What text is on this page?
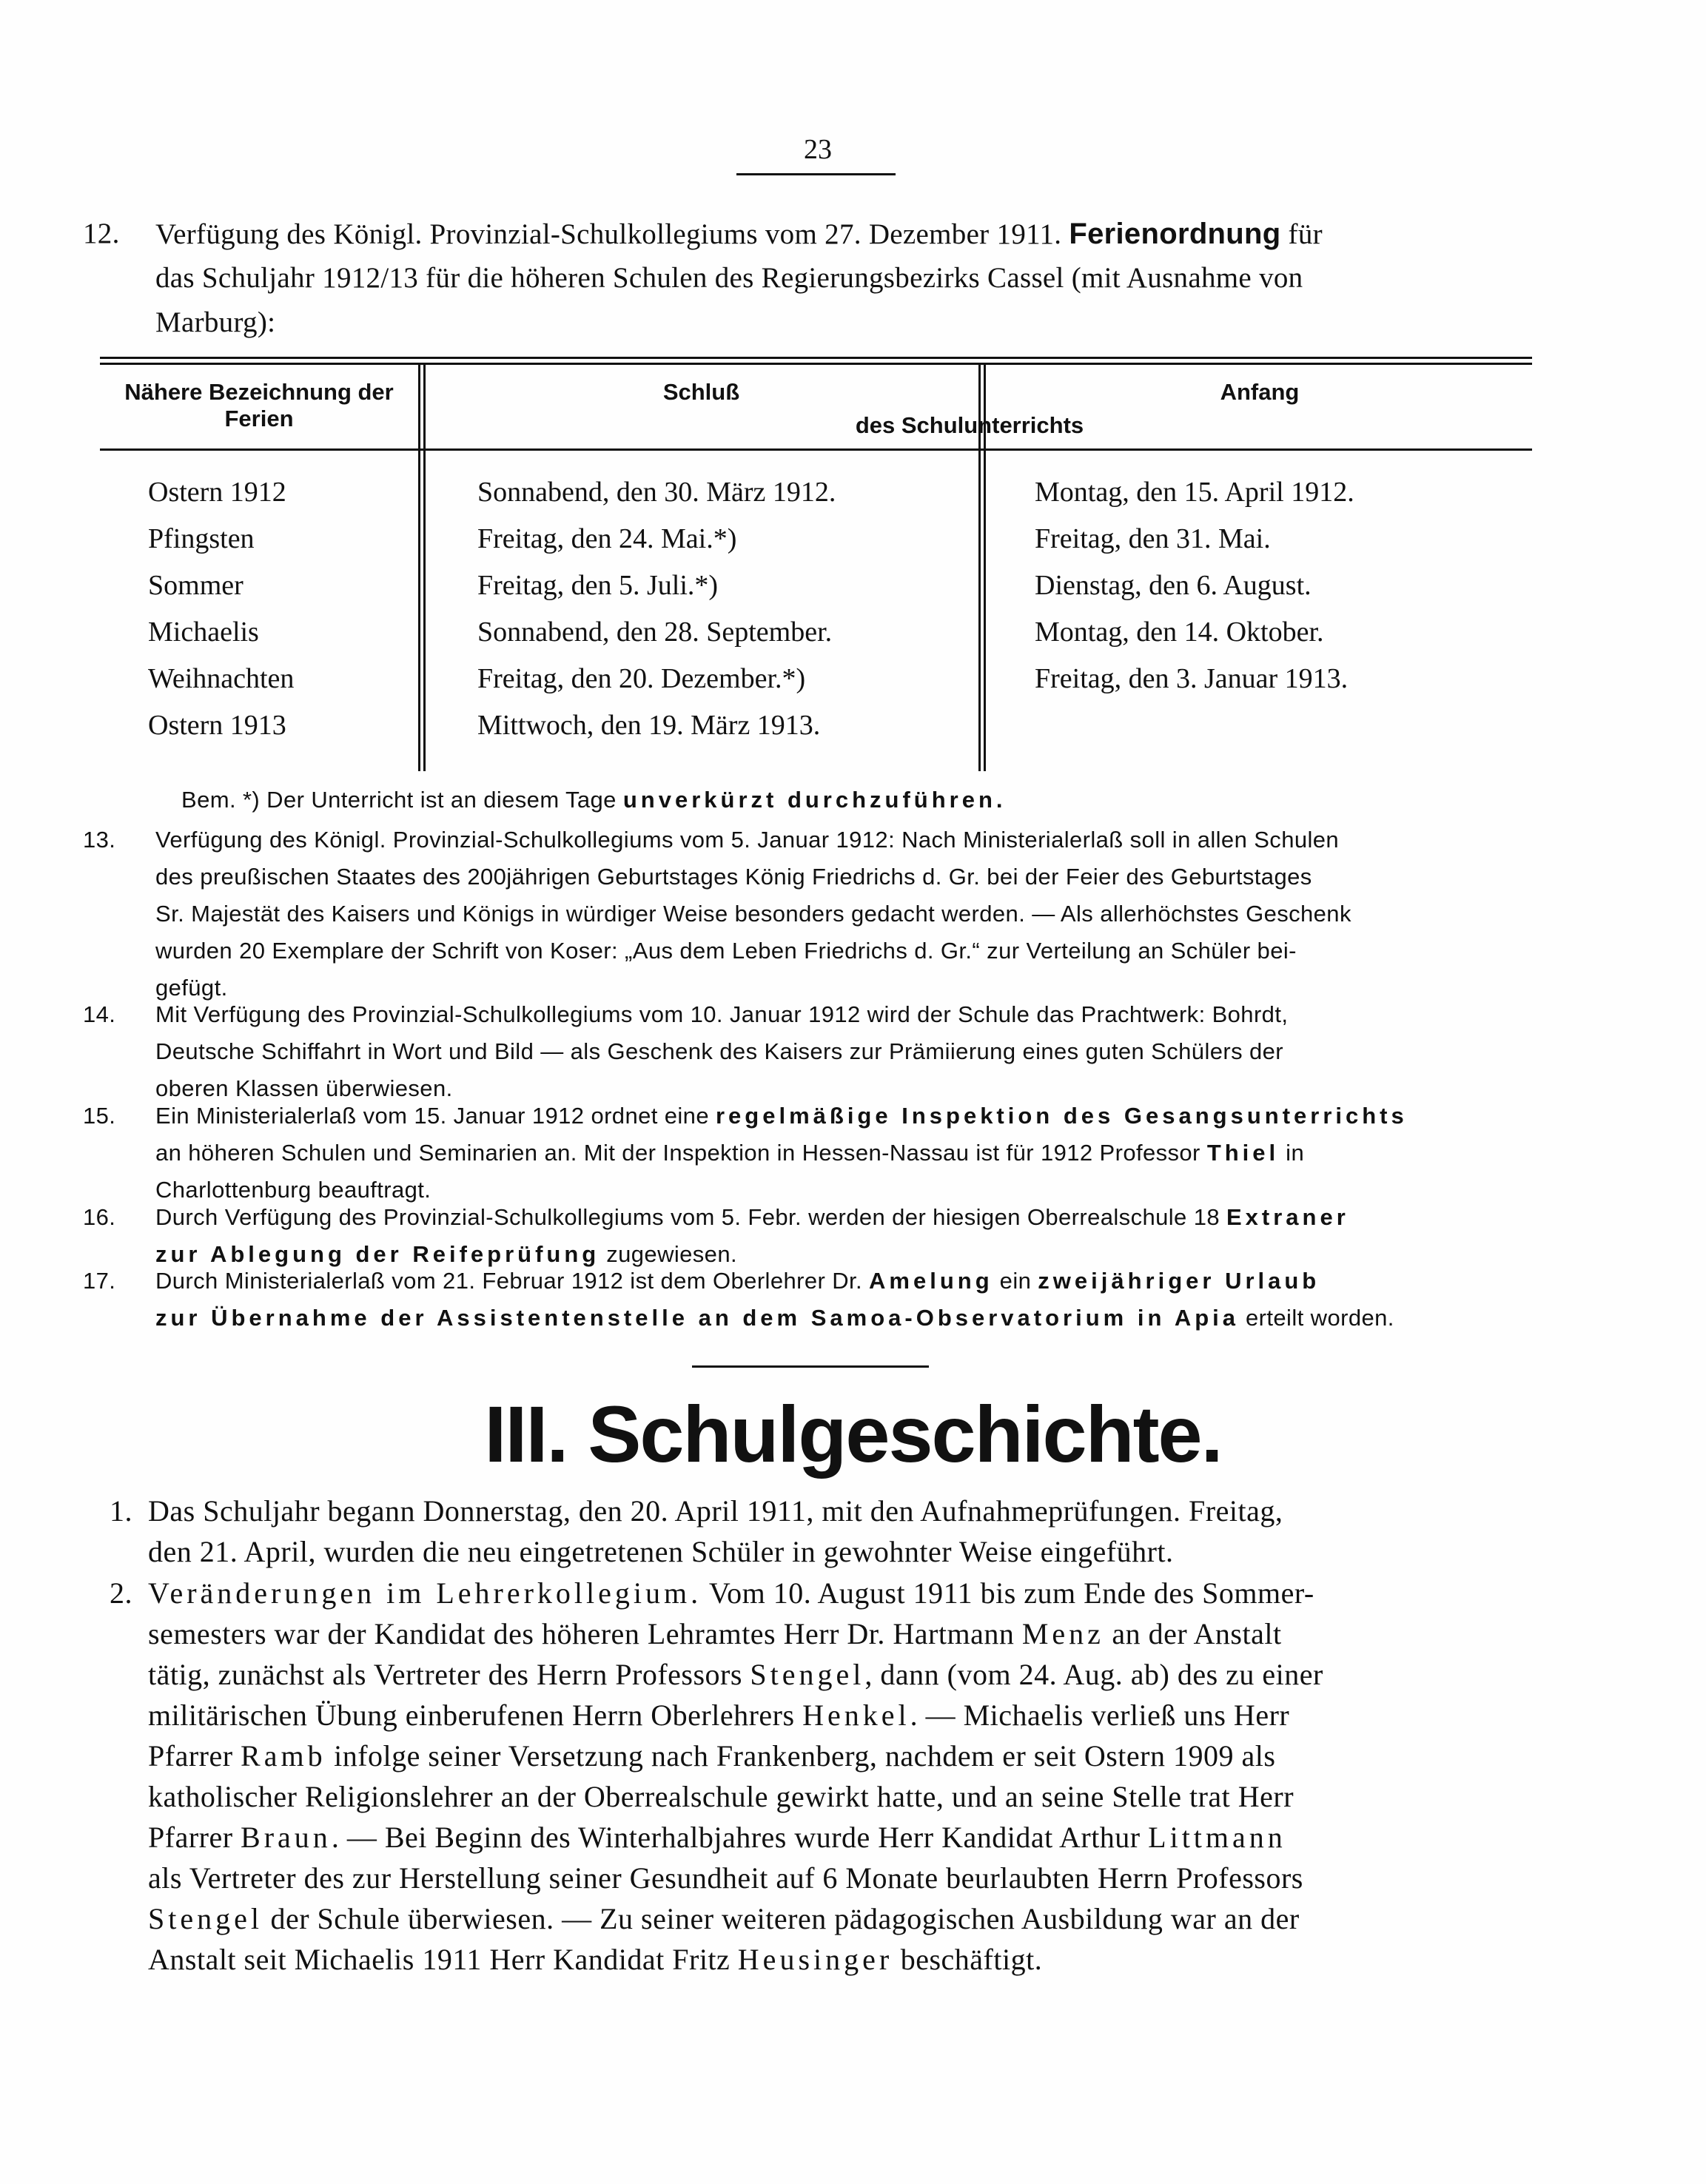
23
12. Verfügung des Königl. Provinzial-Schulkollegiums vom 27. Dezember 1911. Ferienordnung für
das Schuljahr 1912/13 für die höheren Schulen des Regierungsbezirks Cassel (mit Ausnahme von
Marburg):
Nähere Bezeichnung der Ferien
Schluß	Anfang
des Schulunterrichts
Ostern 1912	Sonnabend, den 30. März 1912.	Montag, den 15. April 1912.
Pfingsten	Freitag, den 24. Mai.*)	Freitag, den 31. Mai.
Sommer	Freitag, den 5. Juli.*)	Dienstag, den 6. August.
Michaelis	Sonnabend, den 28. September.	Montag, den 14. Oktober.
Weihnachten	Freitag, den 20. Dezember.*)	Freitag, den 3. Januar 1913.
Ostern 1913	Mittwoch, den 19. März 1913.
Bem. *) Der Unterricht ist an diesem Tage unverkürzt durchzuführen.
13. Verfügung des Königl. Provinzial-Schulkollegiums vom 5. Januar 1912: Nach Ministerialerlaß soll in allen Schulen
des preußischen Staates des 200jährigen Geburtstages König Friedrichs d. Gr. bei der Feier des Geburtstages
Sr. Majestät des Kaisers und Königs in würdiger Weise besonders gedacht werden. — Als allerhöchstes Geschenk
wurden 20 Exemplare der Schrift von Koser: „Aus dem Leben Friedrichs d. Gr.“ zur Verteilung an Schüler bei-
gefügt.
14. Mit Verfügung des Provinzial-Schulkollegiums vom 10. Januar 1912 wird der Schule das Prachtwerk: Bohrdt,
Deutsche Schiffahrt in Wort und Bild — als Geschenk des Kaisers zur Prämiierung eines guten Schülers der
oberen Klassen überwiesen.
15. Ein Ministerialerlaß vom 15. Januar 1912 ordnet eine regelmäßige Inspektion des Gesangsunterrichts
an höheren Schulen und Seminarien an. Mit der Inspektion in Hessen-Nassau ist für 1912 Professor Thiel in
Charlottenburg beauftragt.
16. Durch Verfügung des Provinzial-Schulkollegiums vom 5. Febr. werden der hiesigen Oberrealschule 18 Extraner
zur Ablegung der Reifeprüfung zugewiesen.
17. Durch Ministerialerlaß vom 21. Februar 1912 ist dem Oberlehrer Dr. Amelung ein zweijähriger Urlaub
zur Übernahme der Assistentenstelle an dem Samoa-Observatorium in Apia erteilt worden.
III. Schulgeschichte.
1. Das Schuljahr begann Donnerstag, den 20. April 1911, mit den Aufnahmeprüfungen. Freitag,
den 21. April, wurden die neu eingetretenen Schüler in gewohnter Weise eingeführt.
2. Veränderungen im Lehrerkollegium. Vom 10. August 1911 bis zum Ende des Sommer-
semesters war der Kandidat des höheren Lehramtes Herr Dr. Hartmann Menz an der Anstalt
tätig, zunächst als Vertreter des Herrn Professors Stengel, dann (vom 24. Aug. ab) des zu einer
militärischen Übung einberufenen Herrn Oberlehrers Henkel. — Michaelis verließ uns Herr
Pfarrer Ramb infolge seiner Versetzung nach Frankenberg, nachdem er seit Ostern 1909 als
katholischer Religionslehrer an der Oberrealschule gewirkt hatte, und an seine Stelle trat Herr
Pfarrer Braun. — Bei Beginn des Winterhalbjahres wurde Herr Kandidat Arthur Littmann
als Vertreter des zur Herstellung seiner Gesundheit auf 6 Monate beurlaubten Herrn Professors
Stengel der Schule überwiesen. — Zu seiner weiteren pädagogischen Ausbildung war an der
Anstalt seit Michaelis 1911 Herr Kandidat Fritz Heusinger beschäftigt.
